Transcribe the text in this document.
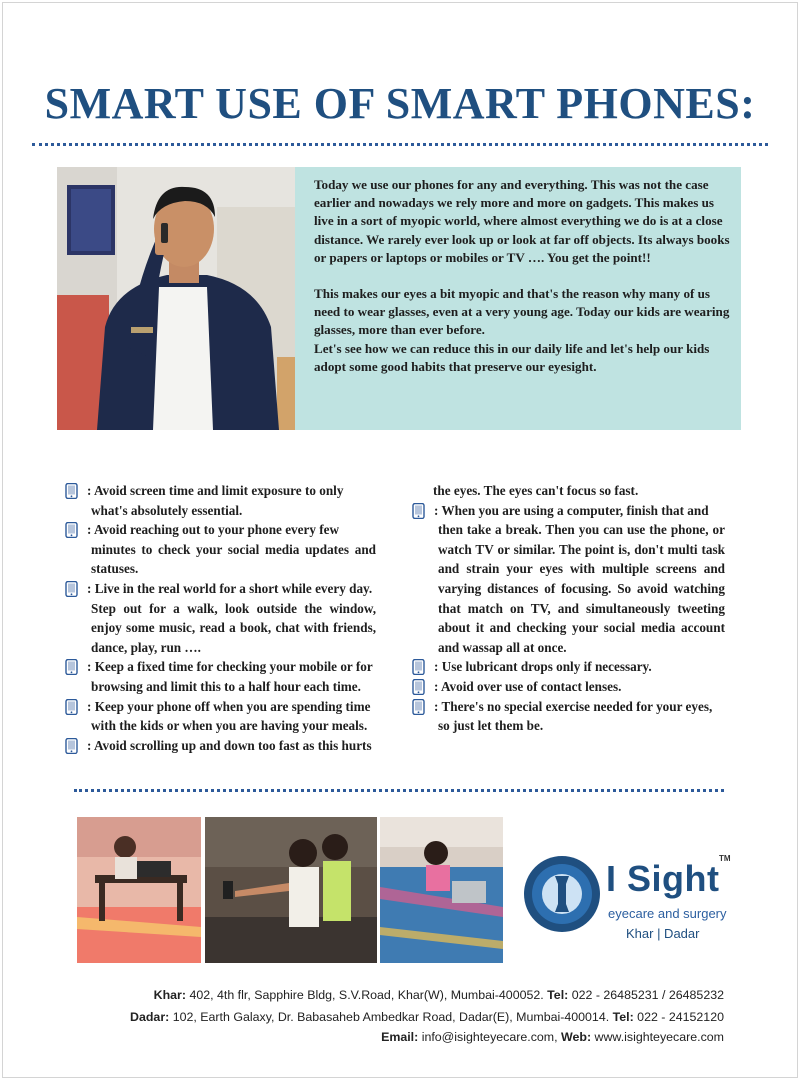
SMART USE OF SMART PHONES:

Today we use our phones for any and everything. This was not the case earlier and nowadays we rely more and more on gadgets. This makes us live in a sort of myopic world, where almost everything we do is at a close distance. We rarely ever look up or look at far off objects. Its always books or papers or laptops or mobiles or TV …. You get the point!!

This makes our eyes a bit myopic and that's the reason why many of us need to wear glasses, even at a very young age. Today our kids are wearing glasses, more than ever before.

Let's see how we can reduce this in our daily life and let's help our kids adopt some good habits that preserve our eyesight.

: Avoid screen time and limit exposure to only
what's absolutely essential.
: Avoid reaching out to your phone every few
minutes to check your social media updates and statuses.
: Live in the real world for a short while every day.
Step out for a walk, look outside the window, enjoy some music, read a book, chat with friends, dance, play, run ….
: Keep a fixed time for checking your mobile or for
browsing and limit this to a half hour each time.
: Keep your phone off when you are spending time
with the kids or when you are having your meals.
: Avoid scrolling up and down too fast as this hurts
the eyes. The eyes can't focus so fast.
: When you are using a computer, finish that and
then take a break. Then you can use the phone, or watch TV or similar. The point is, don't multi task and strain your eyes with multiple screens and varying distances of focusing. So avoid watching that match on TV, and simultaneously tweeting about it and checking your social media account and wassap all at once.
: Use lubricant drops only if necessary.
: Avoid over use of contact lenses.
: There's no special exercise needed for your eyes,
so just let them be.
I Sight TM
eyecare and surgery
Khar | Dadar
Khar: 402, 4th flr, Sapphire Bldg, S.V.Road, Khar(W), Mumbai-400052. Tel: 022 - 26485231 / 26485232
Dadar: 102, Earth Galaxy, Dr. Babasaheb Ambedkar Road, Dadar(E), Mumbai-400014. Tel: 022 - 24152120
Email: info@isighteyecare.com, Web: www.isighteyecare.com
